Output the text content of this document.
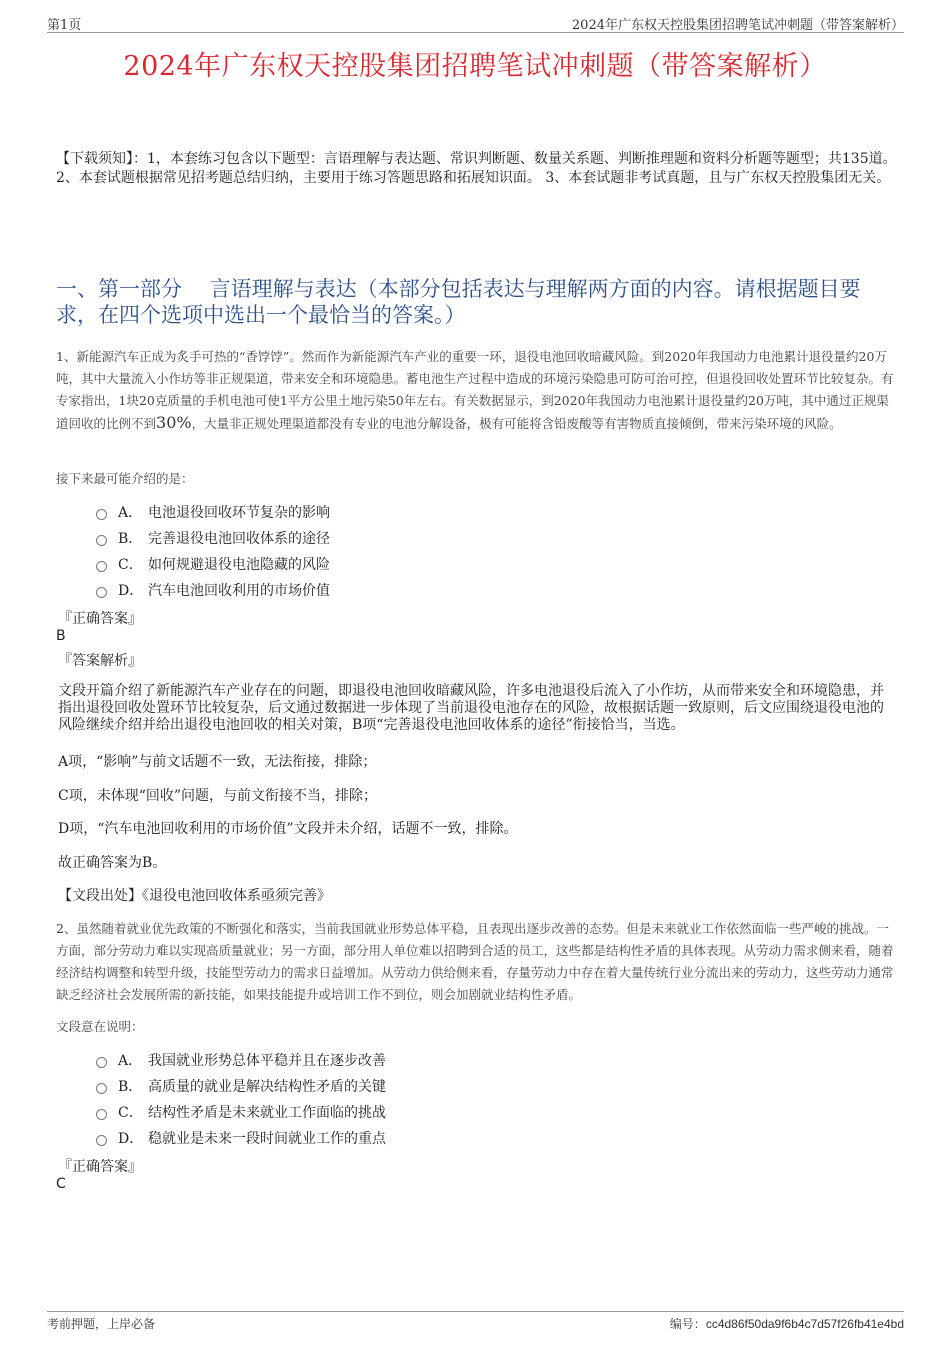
第1页	2024年广东权天控股集团招聘笔试冲刺题（带答案解析）
2024年广东权天控股集团招聘笔试冲刺题（带答案解析）
【下载须知】：1，本套练习包含以下题型：言语理解与表达题、常识判断题、数量关系题、判断推理题和资料分析题等题型；共135道。 2、本套试题根据常见招考题总结归纳，主要用于练习答题思路和拓展知识面。 3、本套试题非考试真题，且与广东权天控股集团无关。
一、第一部分　 言语理解与表达（本部分包括表达与理解两方面的内容。请根据题目要求，在四个选项中选出一个最恰当的答案。）
1、新能源汽车正成为炙手可热的“香饽饽”。然而作为新能源汽车产业的重要一环，退役电池回收暗藏风险。到2020年我国动力电池累计退役量约20万吨，其中大量流入小作坊等非正规渠道，带来安全和环境隐患。蓄电池生产过程中造成的环境污染隐患可防可治可控，但退役回收处置环节比较复杂。有专家指出，1块20克质量的手机电池可使1平方公里土地污染50年左右。有关数据显示，到2020年我国动力电池累计退役量约20万吨，其中通过正规渠道回收的比例不到30%，大量非正规处理渠道都没有专业的电池分解设备，极有可能将含铅废酸等有害物质直接倾倒，带来污染环境的风险。
接下来最可能介绍的是：
A． 电池退役回收环节复杂的影响
B． 完善退役电池回收体系的途径
C． 如何规避退役电池隐藏的风险
D． 汽车电池回收利用的市场价值
『正确答案』
B
『答案解析』
文段开篇介绍了新能源汽车产业存在的问题，即退役电池回收暗藏风险，许多电池退役后流入了小作坊，从而带来安全和环境隐患，并指出退役回收处置环节比较复杂，后文通过数据进一步体现了当前退役电池存在的风险，故根据话题一致原则，后文应围绕退役电池的风险继续介绍并给出退役电池回收的相关对策，B项“完善退役电池回收体系的途径”衔接恰当，当选。
A项，“影响”与前文话题不一致，无法衔接，排除；
C项，未体现“回收”问题，与前文衔接不当，排除；
D项，“汽车电池回收利用的市场价值”文段并未介绍，话题不一致，排除。
故正确答案为B。
【文段出处】《退役电池回收体系亟须完善》
2、虽然随着就业优先政策的不断强化和落实，当前我国就业形势总体平稳，且表现出逐步改善的态势。但是未来就业工作依然面临一些严峻的挑战。一方面，部分劳动力难以实现高质量就业；另一方面，部分用人单位难以招聘到合适的员工，这些都是结构性矛盾的具体表现。从劳动力需求侧来看，随着经济结构调整和转型升级，技能型劳动力的需求日益增加。从劳动力供给侧来看，存量劳动力中存在着大量传统行业分流出来的劳动力，这些劳动力通常缺乏经济社会发展所需的新技能，如果技能提升或培训工作不到位，则会加剧就业结构性矛盾。
文段意在说明：
A． 我国就业形势总体平稳并且在逐步改善
B． 高质量的就业是解决结构性矛盾的关键
C． 结构性矛盾是未来就业工作面临的挑战
D． 稳就业是未来一段时间就业工作的重点
『正确答案』
C
考前押题，上岸必备	编号：cc4d86f50da9f6b4c7d57f26fb41e4bd
